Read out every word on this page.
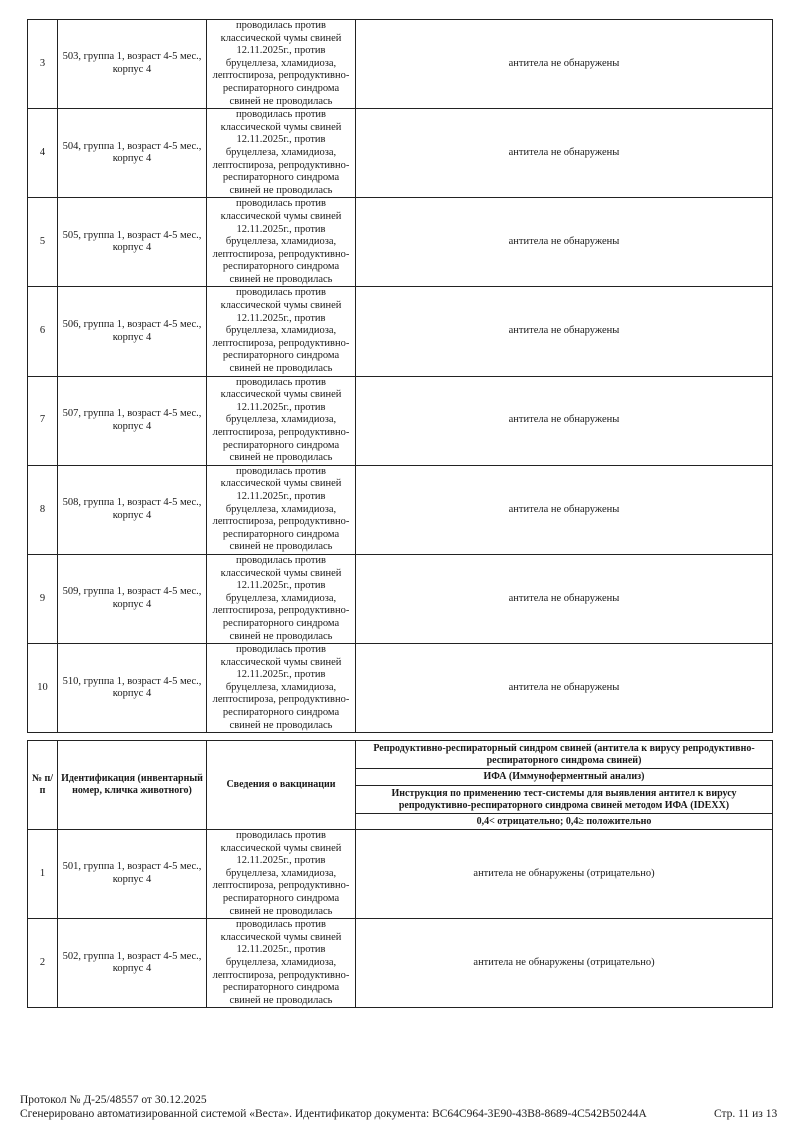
3	503, группа 1, возраст 4-5 мес., корпус 4	проводилась против классической чумы свиней 12.11.2025г., против бруцеллеза, хламидиоза, лептоспироза, репродуктивно-респираторного синдрома свиней не проводилась	антитела не обнаружены
4	504, группа 1, возраст 4-5 мес., корпус 4	проводилась против классической чумы свиней 12.11.2025г., против бруцеллеза, хламидиоза, лептоспироза, репродуктивно-респираторного синдрома свиней не проводилась	антитела не обнаружены
5	505, группа 1, возраст 4-5 мес., корпус 4	проводилась против классической чумы свиней 12.11.2025г., против бруцеллеза, хламидиоза, лептоспироза, репродуктивно-респираторного синдрома свиней не проводилась	антитела не обнаружены
6	506, группа 1, возраст 4-5 мес., корпус 4	проводилась против классической чумы свиней 12.11.2025г., против бруцеллеза, хламидиоза, лептоспироза, репродуктивно-респираторного синдрома свиней не проводилась	антитела не обнаружены
7	507, группа 1, возраст 4-5 мес., корпус 4	проводилась против классической чумы свиней 12.11.2025г., против бруцеллеза, хламидиоза, лептоспироза, репродуктивно-респираторного синдрома свиней не проводилась	антитела не обнаружены
8	508, группа 1, возраст 4-5 мес., корпус 4	проводилась против классической чумы свиней 12.11.2025г., против бруцеллеза, хламидиоза, лептоспироза, репродуктивно-респираторного синдрома свиней не проводилась	антитела не обнаружены
9	509, группа 1, возраст 4-5 мес., корпус 4	проводилась против классической чумы свиней 12.11.2025г., против бруцеллеза, хламидиоза, лептоспироза, репродуктивно-респираторного синдрома свиней не проводилась	антитела не обнаружены
10	510, группа 1, возраст 4-5 мес., корпус 4	проводилась против классической чумы свиней 12.11.2025г., против бруцеллеза, хламидиоза, лептоспироза, репродуктивно-респираторного синдрома свиней не проводилась	антитела не обнаружены
№ п/п	Идентификация (инвентарный номер, кличка животного)	Сведения о вакцинации	Репродуктивно-респираторный синдром свиней (антитела к вирусу репродуктивно-респираторного синдрома свиней)
			ИФА (Иммуноферментный анализ)
			Инструкция по применению тест-системы для выявления антител к вирусу репродуктивно-респираторного синдрома свиней методом ИФА (IDEXX)
			0,4< отрицательно; 0,4≥ положительно
1	501, группа 1, возраст 4-5 мес., корпус 4	проводилась против классической чумы свиней 12.11.2025г., против бруцеллеза, хламидиоза, лептоспироза, репродуктивно-респираторного синдрома свиней не проводилась	антитела не обнаружены (отрицательно)
2	502, группа 1, возраст 4-5 мес., корпус 4	проводилась против классической чумы свиней 12.11.2025г., против бруцеллеза, хламидиоза, лептоспироза, репродуктивно-респираторного синдрома свиней не проводилась	антитела не обнаружены (отрицательно)
Протокол № Д-25/48557 от 30.12.2025
Сгенерировано автоматизированной системой «Веста». Идентификатор документа: BC64C964-3E90-43B8-8689-4C542B50244A	Стр. 11 из 13
